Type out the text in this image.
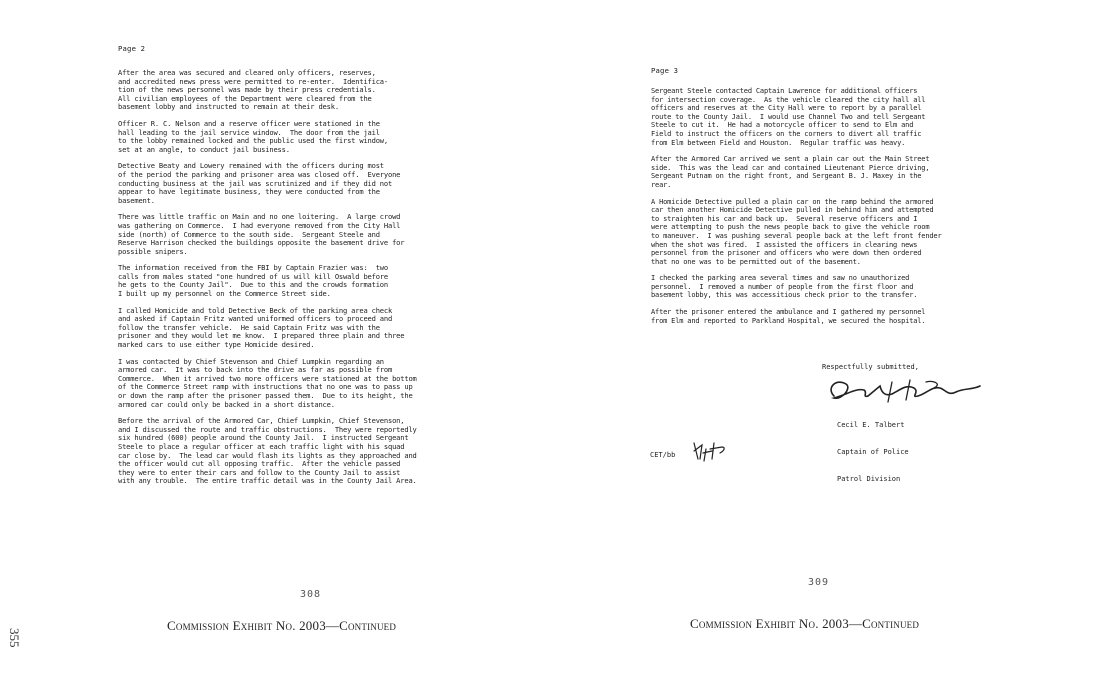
Page 2
After the area was secured and cleared only officers, reserves,
and accredited news press were permitted to re-enter.  Identifica-
tion of the news personnel was made by their press credentials.
All civilian employees of the Department were cleared from the
basement lobby and instructed to remain at their desk.
Officer R. C. Nelson and a reserve officer were stationed in the
hall leading to the jail service window.  The door from the jail
to the lobby remained locked and the public used the first window,
set at an angle, to conduct jail business.
Detective Beaty and Lowery remained with the officers during most
of the period the parking and prisoner area was closed off.  Everyone
conducting business at the jail was scrutinized and if they did not
appear to have legitimate business, they were conducted from the
basement.
There was little traffic on Main and no one loitering.  A large crowd
was gathering on Commerce.  I had everyone removed from the City Hall
side (north) of Commerce to the south side.  Sergeant Steele and
Reserve Harrison checked the buildings opposite the basement drive for
possible snipers.
The information received from the FBI by Captain Frazier was:  two
calls from males stated "one hundred of us will kill Oswald before
he gets to the County Jail".  Due to this and the crowds formation
I built up my personnel on the Commerce Street side.
I called Homicide and told Detective Beck of the parking area check
and asked if Captain Fritz wanted uniformed officers to proceed and
follow the transfer vehicle.  He said Captain Fritz was with the
prisoner and they would let me know.  I prepared three plain and three
marked cars to use either type Homicide desired.
I was contacted by Chief Stevenson and Chief Lumpkin regarding an
armored car.  It was to back into the drive as far as possible from
Commerce.  When it arrived two more officers were stationed at the bottom
of the Commerce Street ramp with instructions that no one was to pass up
or down the ramp after the prisoner passed them.  Due to its height, the
armored car could only be backed in a short distance.
Before the arrival of the Armored Car, Chief Lumpkin, Chief Stevenson,
and I discussed the route and traffic obstructions.  They were reportedly
six hundred (600) people around the County Jail.  I instructed Sergeant
Steele to place a regular officer at each traffic light with his squad
car close by.  The lead car would flash its lights as they approached and
the officer would cut all opposing traffic.  After the vehicle passed
they were to enter their cars and follow to the County Jail to assist
with any trouble.  The entire traffic detail was in the County Jail Area.
Page 3
Sergeant Steele contacted Captain Lawrence for additional officers
for intersection coverage.  As the vehicle cleared the city hall all
officers and reserves at the City Hall were to report by a parallel
route to the County Jail.  I would use Channel Two and tell Sergeant
Steele to cut it.  He had a motorcycle officer to send to Elm and
Field to instruct the officers on the corners to divert all traffic
from Elm between Field and Houston.  Regular traffic was heavy.
After the Armored Car arrived we sent a plain car out the Main Street
side.  This was the lead car and contained Lieutenant Pierce driving,
Sergeant Putnam on the right front, and Sergeant B. J. Maxey in the
rear.
A Homicide Detective pulled a plain car on the ramp behind the armored
car then another Homicide Detective pulled in behind him and attempted
to straighten his car and back up.  Several reserve officers and I
were attempting to push the news people back to give the vehicle room
to maneuver.  I was pushing several people back at the left front fender
when the shot was fired.  I assisted the officers in clearing news
personnel from the prisoner and officers who were down then ordered
that no one was to be permitted out of the basement.
I checked the parking area several times and saw no unauthorized
personnel.  I removed a number of people from the first floor and
basement lobby, this was accessitious check prior to the transfer.
After the prisoner entered the ambulance and I gathered my personnel
from Elm and reported to Parkland Hospital, we secured the hospital.
Respectfully submitted,

Cecil E. Talbert

Captain of Police

Patrol Division

CET/bb
308
309
Commission Exhibit No. 2003—Continued	Commission Exhibit No. 2003—Continued
355
